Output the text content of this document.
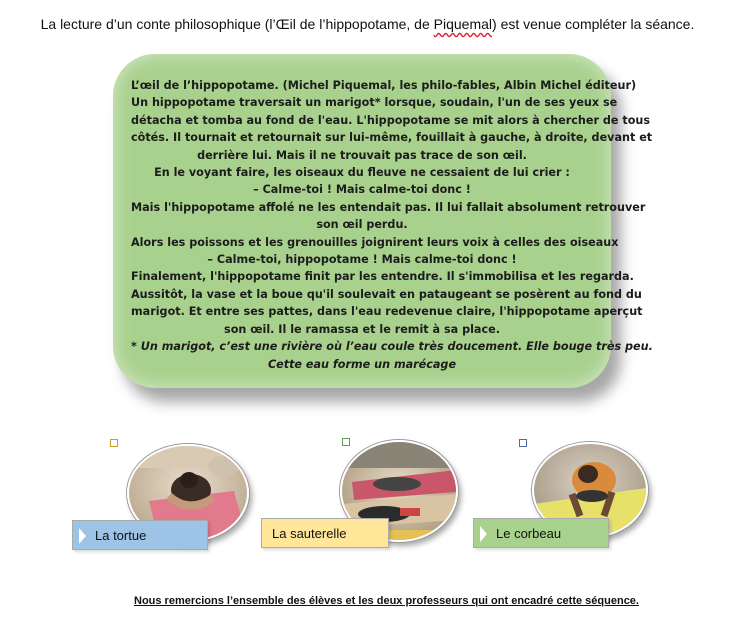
La lecture d’un conte philosophique (l’Œil de l’hippopotame, de Piquemal) est venue compléter la séance.
L’œil de l’hippopotame. (Michel Piquemal, les philo-fables, Albin Michel éditeur)
Un hippopotame traversait un marigot* lorsque, soudain, l'un de ses yeux se
détacha et tomba au fond de l'eau. L'hippopotame se mit alors à chercher de tous
côtés. Il tournait et retournait sur lui-même, fouillait à gauche, à droite, devant et
derrière lui. Mais il ne trouvait pas trace de son œil.
En le voyant faire, les oiseaux du fleuve ne cessaient de lui crier :
– Calme-toi ! Mais calme-toi donc !
Mais l'hippopotame affolé ne les entendait pas. Il lui fallait absolument retrouver
son œil perdu.
Alors les poissons et les grenouilles joignirent leurs voix à celles des oiseaux
– Calme-toi, hippopotame ! Mais calme-toi donc !
Finalement, l'hippopotame finit par les entendre. Il s'immobilisa et les regarda.
Aussitôt, la vase et la boue qu'il soulevait en pataugeant se posèrent au fond du
marigot. Et entre ses pattes, dans l'eau redevenue claire, l'hippopotame aperçut
son œil. Il le ramassa et le remit à sa place.
* Un marigot, c’est une rivière où l’eau coule très doucement. Elle bouge très peu.
Cette eau forme un marécage
La tortue	La sauterelle	Le corbeau
Nous remercions l’ensemble des élèves et les deux professeurs qui ont encadré cette séquence.
